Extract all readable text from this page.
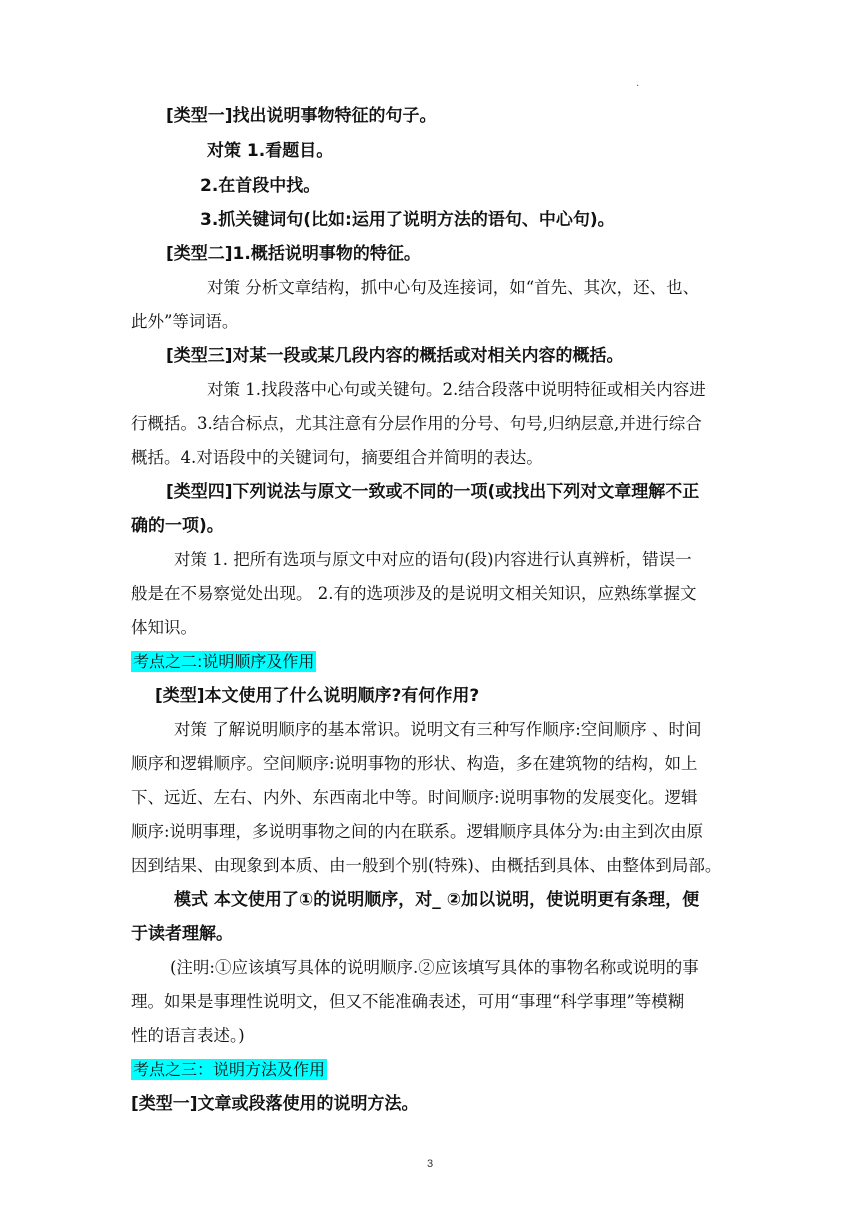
.
[类型一]找出说明事物特征的句子。
对策 1.看题目。
2.在首段中找。
3.抓关键词句(比如:运用了说明方法的语句、中心句)。
[类型二]1.概括说明事物的特征。
对策 分析文章结构，抓中心句及连接词，如“首先、其次，还、也、
此外”等词语。
[类型三]对某一段或某几段内容的概括或对相关内容的概括。
对策 1.找段落中心句或关键句。2.结合段落中说明特征或相关内容进
行概括。3.结合标点，尤其注意有分层作用的分号、句号,归纳层意,并进行综合
概括。4.对语段中的关键词句，摘要组合并简明的表达。
[类型四]下列说法与原文一致或不同的一项(或找出下列对文章理解不正
确的一项)。
对策 1. 把所有选项与原文中对应的语句(段)内容进行认真辨析，错误一
般是在不易察觉处出现。 2.有的选项涉及的是说明文相关知识，应熟练掌握文
体知识。
考点之二:说明顺序及作用
[类型]本文使用了什么说明顺序?有何作用?
对策 了解说明顺序的基本常识。说明文有三种写作顺序:空间顺序 、时间
顺序和逻辑顺序。空间顺序:说明事物的形状、构造，多在建筑物的结构，如上
下、远近、左右、内外、东西南北中等。时间顺序:说明事物的发展变化。逻辑
顺序:说明事理，多说明事物之间的内在联系。逻辑顺序具体分为:由主到次由原
因到结果、由现象到本质、由一般到个别(特殊)、由概括到具体、由整体到局部。
模式 本文使用了①的说明顺序，对_ ②加以说明，使说明更有条理，便
于读者理解。
(注明:①应该填写具体的说明顺序.②应该填写具体的事物名称或说明的事
理。如果是事理性说明文，但又不能准确表述，可用“事理“科学事理”等模糊
性的语言表述。)
考点之三：说明方法及作用
[类型一]文章或段落使用的说明方法。
3
